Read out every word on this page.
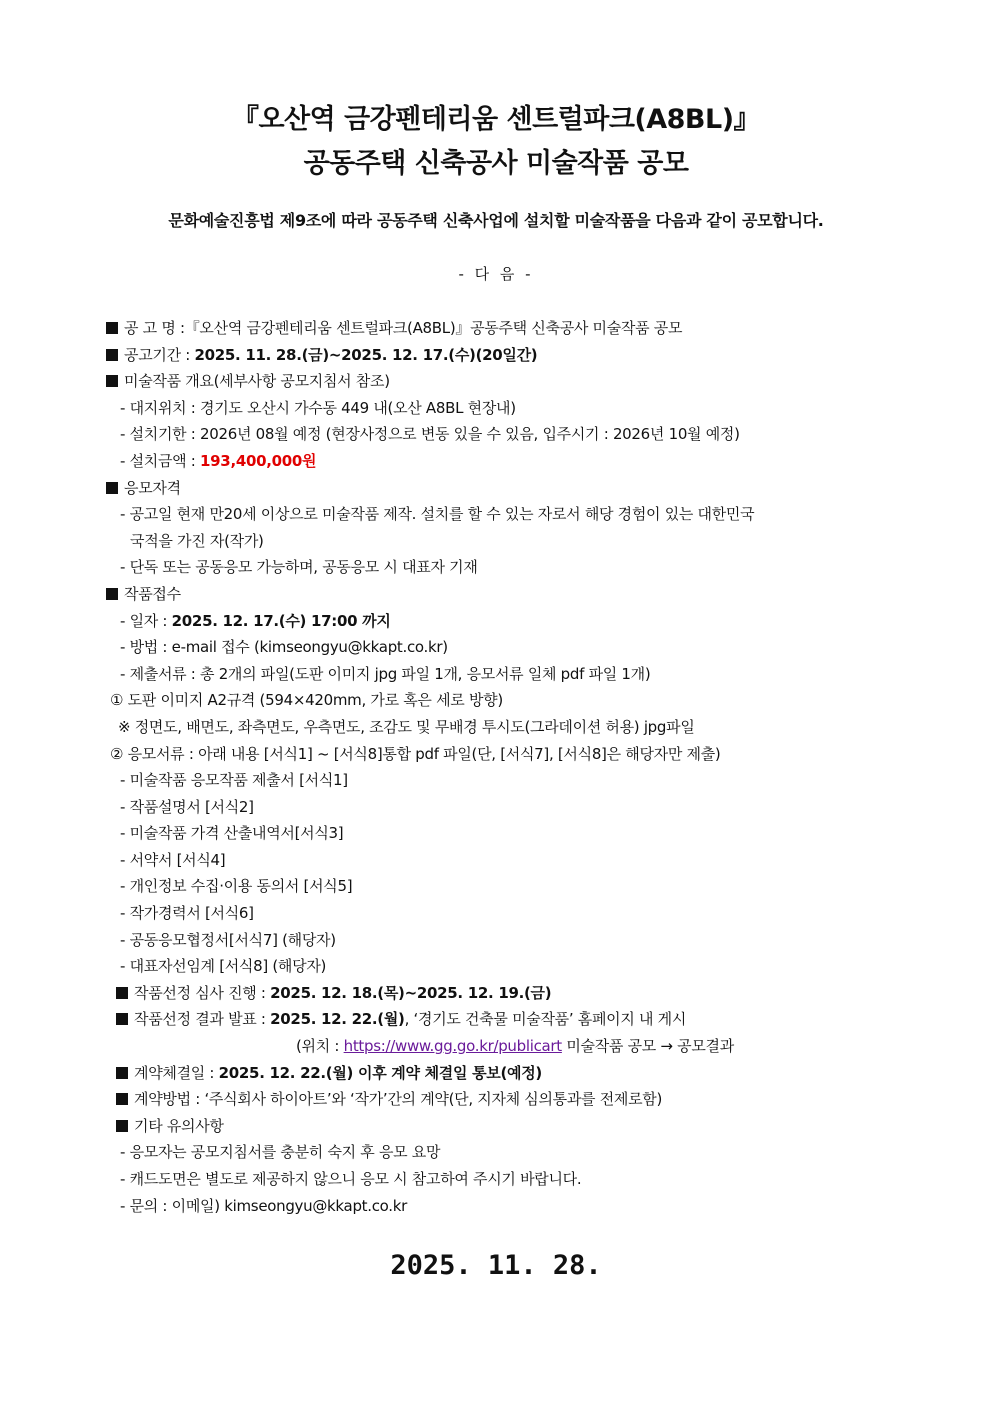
『오산역 금강펜테리움 센트럴파크(A8BL)』
공동주택 신축공사 미술작품 공모
문화예술진흥법 제9조에 따라 공동주택 신축사업에 설치할 미술작품을 다음과 같이 공모합니다.
- 다 음 -
공 고 명 :『오산역 금강펜테리움 센트럴파크(A8BL)』공동주택 신축공사 미술작품 공모
공고기간 : 2025. 11. 28.(금)~2025. 12. 17.(수)(20일간)
미술작품 개요(세부사항 공모지침서 참조)
- 대지위치 : 경기도 오산시 가수동 449 내(오산 A8BL 현장내)
- 설치기한 : 2026년 08월 예정 (현장사정으로 변동 있을 수 있음, 입주시기 : 2026년 10월 예정)
- 설치금액 : 193,400,000원
응모자격
- 공고일 현재 만20세 이상으로 미술작품 제작. 설치를 할 수 있는 자로서 해당 경험이 있는 대한민국
국적을 가진 자(작가)
- 단독 또는 공동응모 가능하며, 공동응모 시 대표자 기재
작품접수
- 일자 : 2025. 12. 17.(수) 17:00 까지
- 방법 : e-mail 접수 (kimseongyu@kkapt.co.kr)
- 제출서류 : 총 2개의 파일(도판 이미지 jpg 파일 1개, 응모서류 일체 pdf 파일 1개)
① 도판 이미지 A2규격 (594×420mm, 가로 혹은 세로 방향)
※ 정면도, 배면도, 좌측면도, 우측면도, 조감도 및 무배경 투시도(그라데이션 허용) jpg파일
② 응모서류 : 아래 내용 [서식1] ~ [서식8]통합 pdf 파일(단, [서식7], [서식8]은 해당자만 제출)
- 미술작품 응모작품 제출서 [서식1]
- 작품설명서 [서식2]
- 미술작품 가격 산출내역서[서식3]
- 서약서 [서식4]
- 개인정보 수집·이용 동의서 [서식5]
- 작가경력서 [서식6]
- 공동응모협정서[서식7] (해당자)
- 대표자선임계 [서식8] (해당자)
작품선정 심사 진행 : 2025. 12. 18.(목)~2025. 12. 19.(금)
작품선정 결과 발표 : 2025. 12. 22.(월), ‘경기도 건축물 미술작품’ 홈페이지 내 게시
(위치 : https://www.gg.go.kr/publicart 미술작품 공모 → 공모결과
계약체결일 : 2025. 12. 22.(월) 이후 계약 체결일 통보(예정)
계약방법 : ‘주식회사 하이아트’와 ‘작가’간의 계약(단, 지자체 심의통과를 전제로함)
기타 유의사항
- 응모자는 공모지침서를 충분히 숙지 후 응모 요망
- 캐드도면은 별도로 제공하지 않으니 응모 시 참고하여 주시기 바랍니다.
- 문의 : 이메일) kimseongyu@kkapt.co.kr
2025. 11. 28.
